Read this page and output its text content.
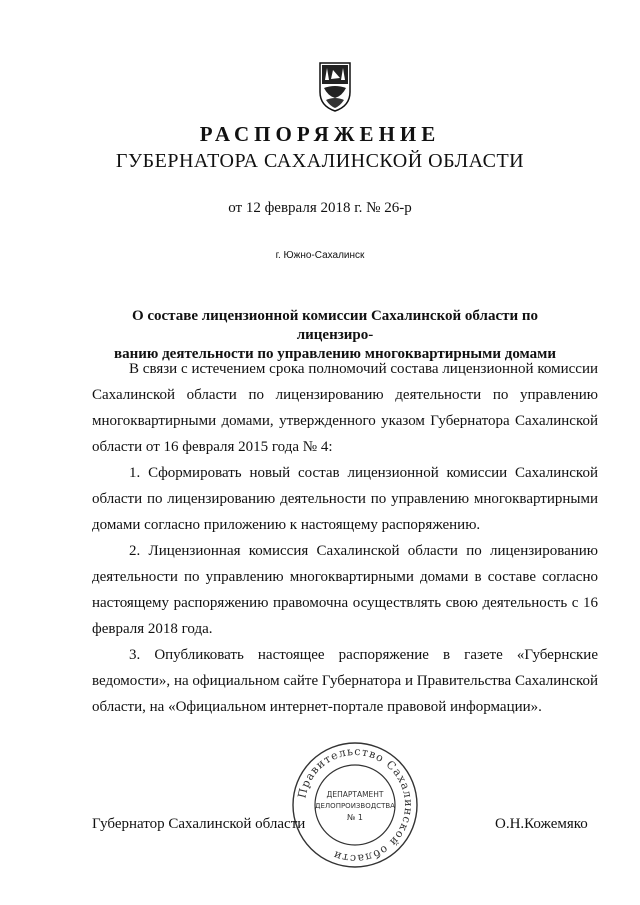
РАСПОРЯЖЕНИЕ
ГУБЕРНАТОРА САХАЛИНСКОЙ ОБЛАСТИ
от 12 февраля 2018 г. № 26-р
г. Южно-Сахалинск
О составе лицензионной комиссии Сахалинской области по лицензиро-
ванию деятельности по управлению многоквартирными домами

В связи с истечением срока полномочий состава лицензионной комиссии Сахалинской области по лицензированию деятельности по управлению многоквартирными домами, утвержденного указом Губернатора Сахалинской области от 16 февраля 2015 года № 4:

1. Сформировать новый состав лицензионной комиссии Сахалинской области по лицензированию деятельности по управлению многоквартирными домами согласно приложению к настоящему распоряжению.

2. Лицензионная комиссия Сахалинской области по лицензированию деятельности по управлению многоквартирными домами в составе согласно настоящему распоряжению правомочна осуществлять свою деятельность с 16 февраля 2018 года.

3. Опубликовать настоящее распоряжение в газете «Губернские ведомости», на официальном сайте Губернатора и Правительства Сахалинской области, на «Официальном интернет-портале правовой информации».

Правительство Сахалинской области
ДЕПАРТАМЕНТ
ДЕЛОПРОИЗВОДСТВА
№ 1
Губернатор Сахалинской области	О.Н.Кожемяко
